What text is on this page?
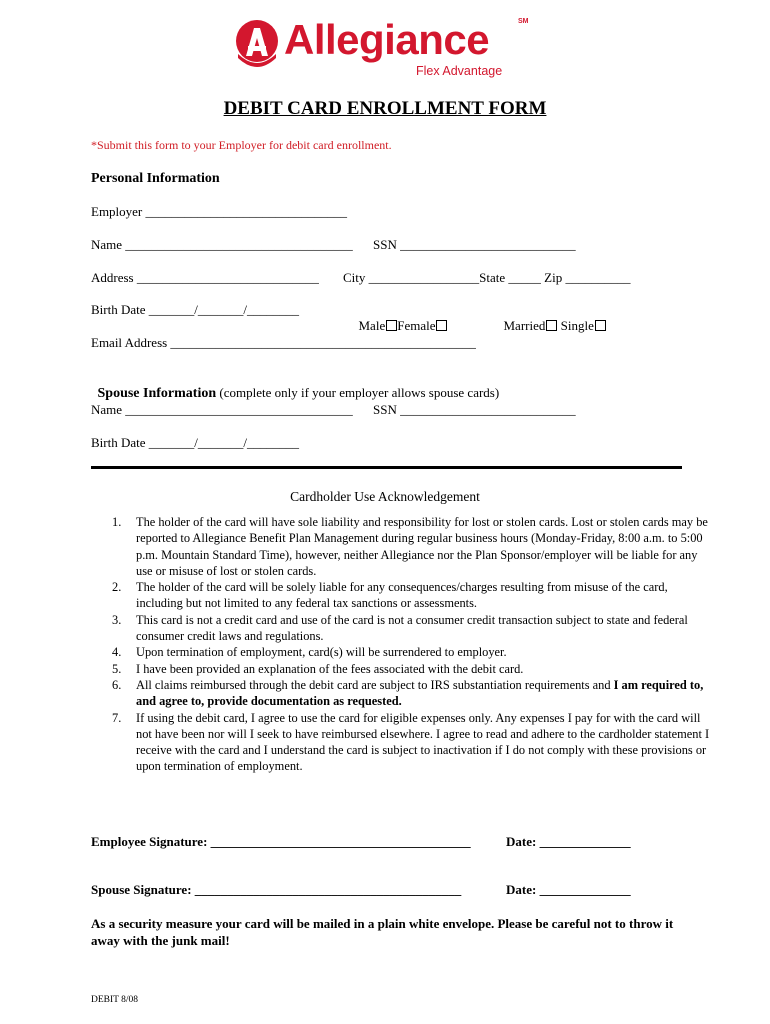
Allegiance	SM
Flex Advantage
DEBIT CARD ENROLLMENT FORM
*Submit this form to your Employer for debit card enrollment.
Personal Information
Employer _______________________________
Name ___________________________________ SSN ___________________________
Address ____________________________ City _________________State _____ Zip __________
Birth Date _______/_______/________

Male Female	Married Single

Email Address _______________________________________________

Spouse Information (complete only if your employer allows spouse cards)

Name ___________________________________ SSN ___________________________
Birth Date _______/_______/________
Cardholder Use Acknowledgement
1. The holder of the card will have sole liability and responsibility for lost or stolen cards. Lost or stolen cards may be reported to Allegiance Benefit Plan Management during regular business hours (Monday-Friday, 8:00 a.m. to 5:00 p.m. Mountain Standard Time), however, neither Allegiance nor the Plan Sponsor/employer will be liable for any use or misuse of lost or stolen cards.
2. The holder of the card will be solely liable for any consequences/charges resulting from misuse of the card, including but not limited to any federal tax sanctions or assessments.
3. This card is not a credit card and use of the card is not a consumer credit transaction subject to state and federal consumer credit laws and regulations.
4. Upon termination of employment, card(s) will be surrendered to employer.
5. I have been provided an explanation of the fees associated with the debit card.
6. All claims reimbursed through the debit card are subject to IRS substantiation requirements and I am required to, and agree to, provide documentation as requested.
7. If using the debit card, I agree to use the card for eligible expenses only. Any expenses I pay for with the card will not have been nor will I seek to have reimbursed elsewhere. I agree to read and adhere to the cardholder statement I receive with the card and I understand the card is subject to inactivation if I do not comply with these provisions or upon termination of employment.
Employee Signature: ________________________________________	Date: ______________
Spouse Signature: _________________________________________	Date: ______________
As a security measure your card will be mailed in a plain white envelope. Please be careful not to throw it away with the junk mail!
DEBIT 8/08
